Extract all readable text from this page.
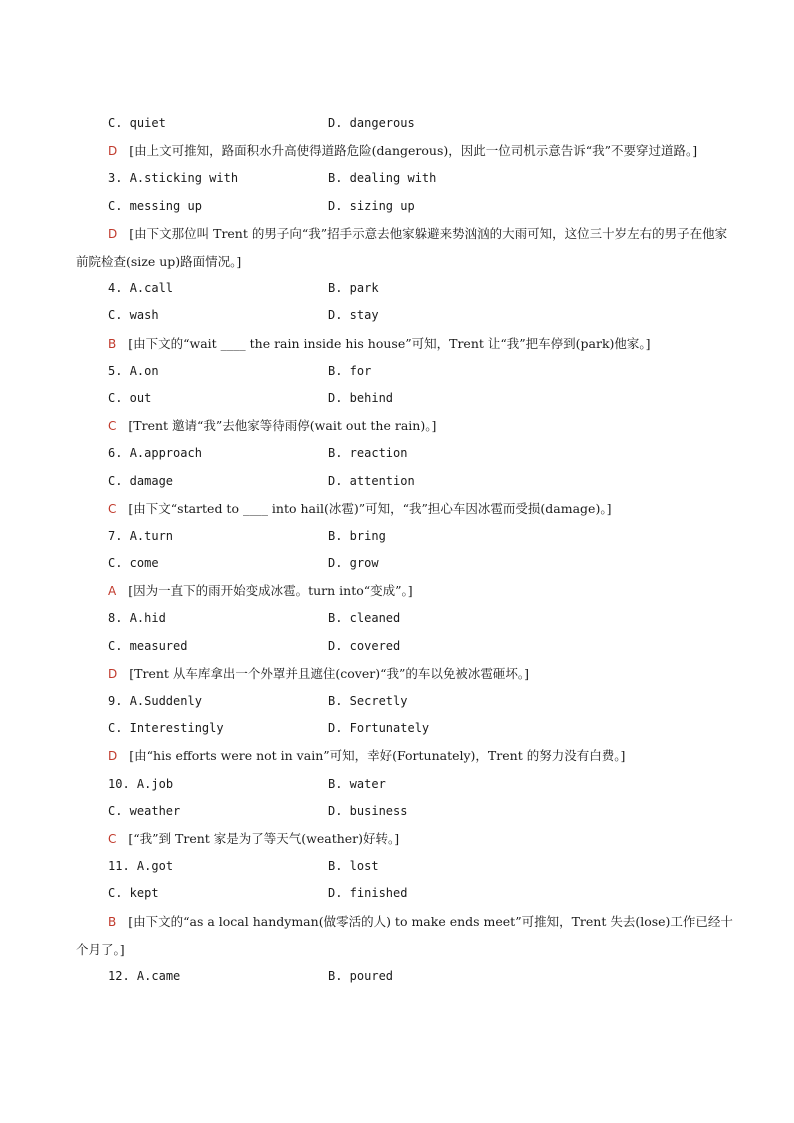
C. quiet	D. dangerous
D [由上文可推知，路面积水升高使得道路危险(dangerous)，因此一位司机示意告诉“我”不要穿过道路。]
3. A.sticking with	B. dealing with
C. messing up	D. sizing up
D [由下文那位叫 Trent 的男子向“我”招手示意去他家躲避来势汹汹的大雨可知，这位三十岁左右的男子在他家前院检查(size up)路面情况。]
4. A.call	B. park
C. wash	D. stay
B [由下文的“wait ____ the rain inside his house”可知，Trent 让“我”把车停到(park)他家。]
5. A.on	B. for
C. out	D. behind
C [Trent 邀请“我”去他家等待雨停(wait out the rain)。]
6. A.approach	B. reaction
C. damage	D. attention
C [由下文“started to ____ into hail(冰雹)”可知，“我”担心车因冰雹而受损(damage)。]
7. A.turn	B. bring
C. come	D. grow
A [因为一直下的雨开始变成冰雹。turn into“变成”。]
8. A.hid	B. cleaned
C. measured	D. covered
D [Trent 从车库拿出一个外罩并且遮住(cover)“我”的车以免被冰雹砸坏。]
9. A.Suddenly	B. Secretly
C. Interestingly	D. Fortunately
D [由“his efforts were not in vain”可知，幸好(Fortunately)，Trent 的努力没有白费。]
10. A.job	B. water
C. weather	D. business
C [“我”到 Trent 家是为了等天气(weather)好转。]
11. A.got	B. lost
C. kept	D. finished
B [由下文的“as a local handyman(做零活的人) to make ends meet”可推知，Trent 失去(lose)工作已经十个月了。]
12. A.came	B. poured
